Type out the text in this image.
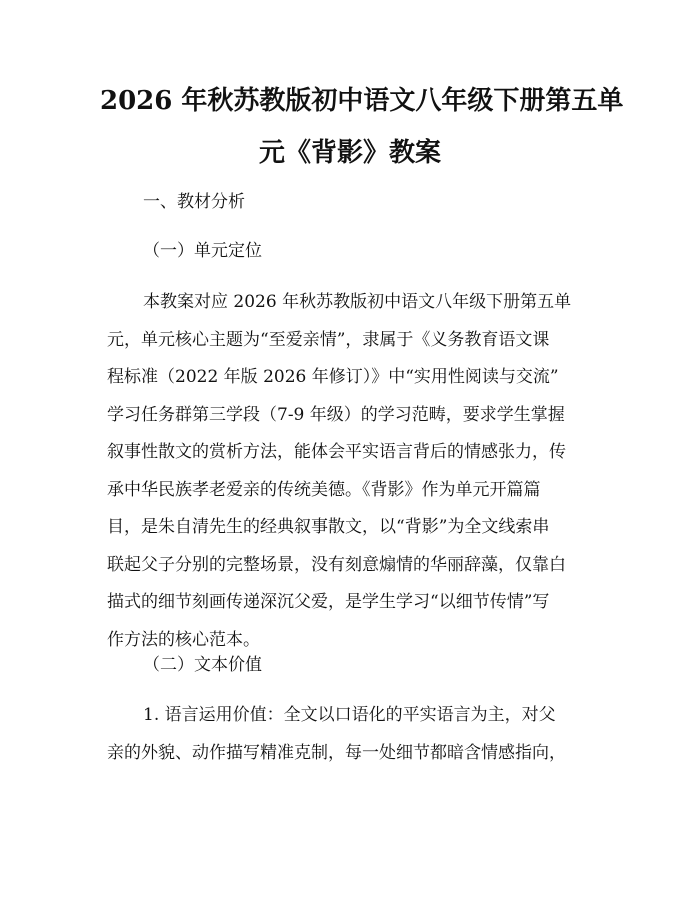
2026 年秋苏教版初中语文八年级下册第五单
元《背影》教案

一、教材分析

（一）单元定位

本教案对应 2026 年秋苏教版初中语文八年级下册第五单
元，单元核心主题为“至爱亲情”，隶属于《义务教育语文课
程标准（2022 年版 2026 年修订）》中“实用性阅读与交流”
学习任务群第三学段（7-9 年级）的学习范畴，要求学生掌握
叙事性散文的赏析方法，能体会平实语言背后的情感张力，传
承中华民族孝老爱亲的传统美德。《背影》作为单元开篇篇
目，是朱自清先生的经典叙事散文，以“背影”为全文线索串
联起父子分别的完整场景，没有刻意煽情的华丽辞藻，仅靠白
描式的细节刻画传递深沉父爱，是学生学习“以细节传情”写
作方法的核心范本。

（二）文本价值

1. 语言运用价值：全文以口语化的平实语言为主，对父
亲的外貌、动作描写精准克制，每一处细节都暗含情感指向，
